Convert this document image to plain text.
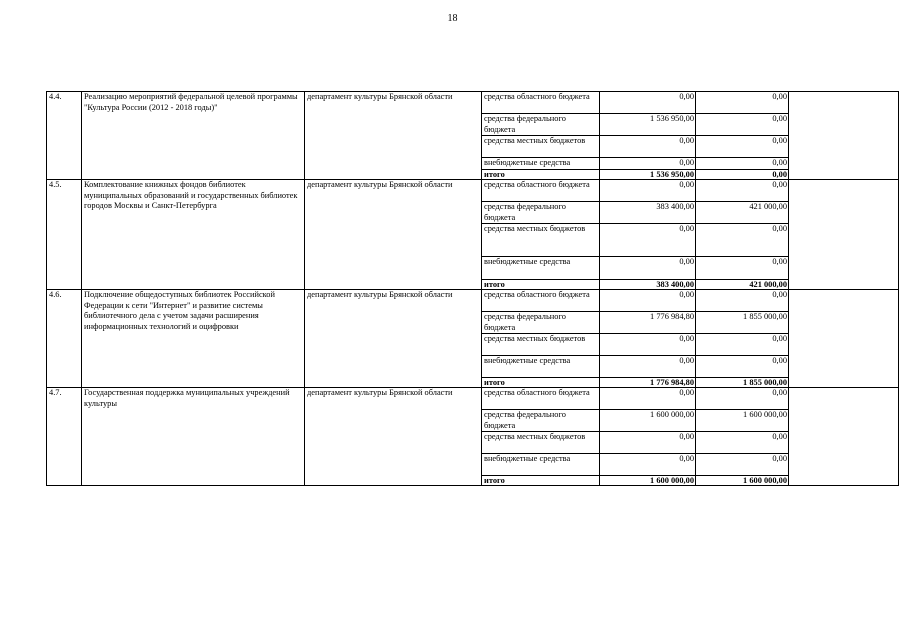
18
4.4.	Реализацию мероприятий федеральной целевой программы "Культура России (2012 - 2018 годы)"	департамент культуры Брянской области	средства областного бюджета	0,00	0,00	
			средства федерального бюджета	1 536 950,00	0,00	
			средства местных бюджетов	0,00	0,00	
			внебюджетные средства	0,00	0,00	
			итого	1 536 950,00	0,00	
4.5.	Комплектование книжных фондов библиотек муниципальных образований и государственных библиотек городов Москвы и Санкт-Петербурга	департамент культуры Брянской области	средства областного бюджета	0,00	0,00	
			средства федерального бюджета	383 400,00	421 000,00	
			средства местных бюджетов	0,00	0,00	
			внебюджетные средства	0,00	0,00	
			итого	383 400,00	421 000,00	
4.6.	Подключение общедоступных библиотек Российской Федерации к сети "Интернет" и развитие системы библиотечного дела с учетом задачи расширения информационных технологий и оцифровки	департамент культуры Брянской области	средства областного бюджета	0,00	0,00	
			средства федерального бюджета	1 776 984,80	1 855 000,00	
			средства местных бюджетов	0,00	0,00	
			внебюджетные средства	0,00	0,00	
			итого	1 776 984,80	1 855 000,00	
4.7.	Государственная поддержка муниципальных учреждений культуры	департамент культуры Брянской области	средства областного бюджета	0,00	0,00	
			средства федерального бюджета	1 600 000,00	1 600 000,00	
			средства местных бюджетов	0,00	0,00	
			внебюджетные средства	0,00	0,00	
			итого	1 600 000,00	1 600 000,00	
